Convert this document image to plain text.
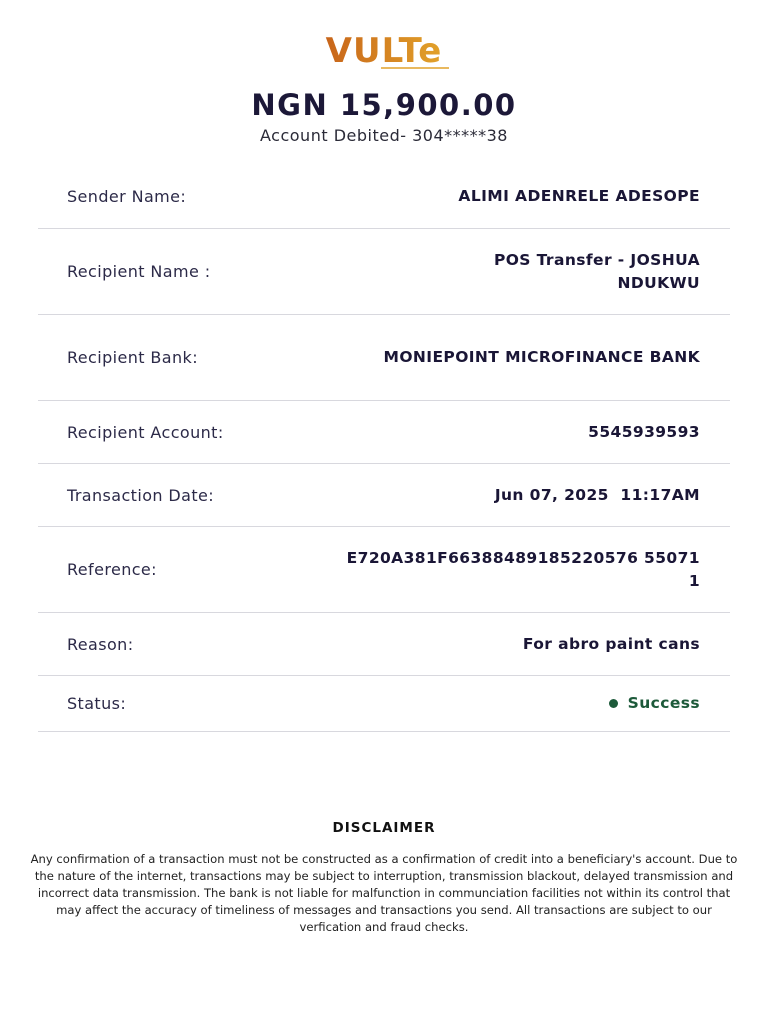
VULTe
NGN 15,900.00
Account Debited- 304*****38
Sender Name:	ALIMI ADENRELE ADESOPE
Recipient Name :
POS Transfer - JOSHUA NDUKWU
Recipient Bank:	MONIEPOINT MICROFINANCE BANK
Recipient Account:	5545939593
Transaction Date:	Jun 07, 2025  11:17AM
Reference:
E720A381F66388489185220576 550711
Reason:	For abro paint cans
Status:	Success
DISCLAIMER
Any confirmation of a transaction must not be constructed as a confirmation of credit into a beneficiary's account. Due to the nature of the internet, transactions may be subject to interruption, transmission blackout, delayed transmission and incorrect data transmission. The bank is not liable for malfunction in communciation facilities not within its control that may affect the accuracy of timeliness of messages and transactions you send. All transactions are subject to our verfication and fraud checks.
